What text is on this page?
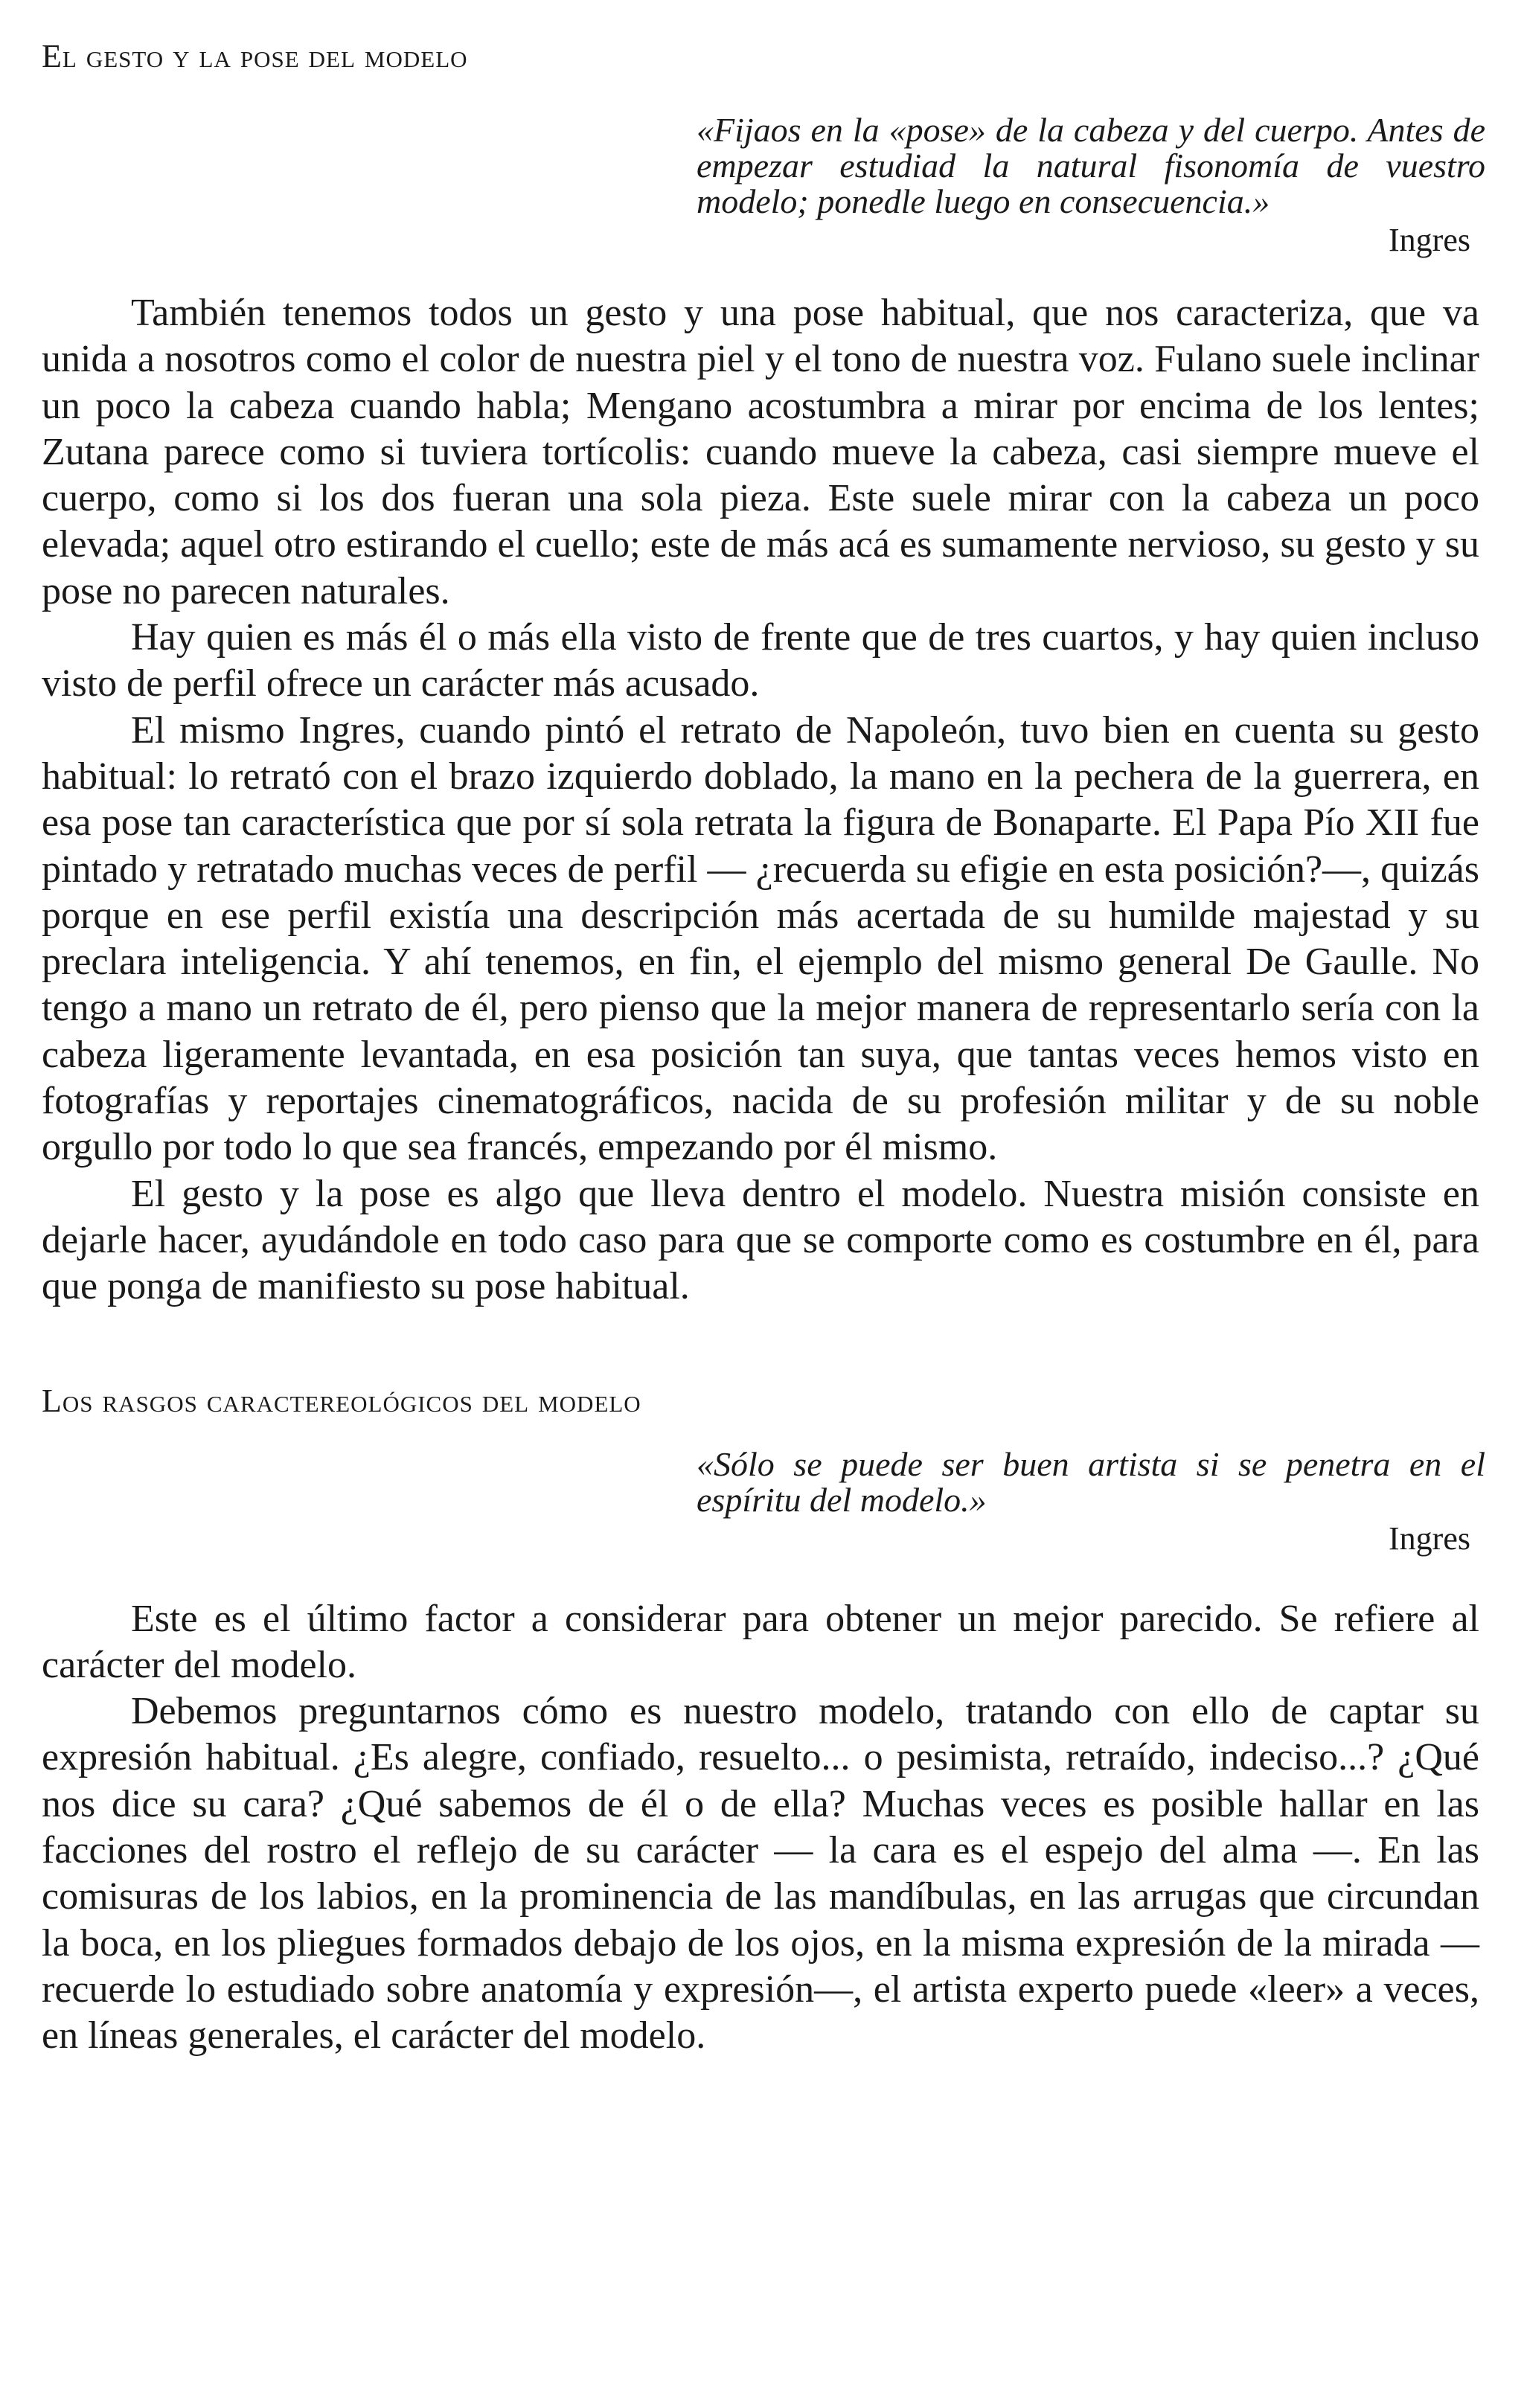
El gesto y la pose del modelo

«Fijaos en la «pose» de la cabeza y del cuerpo. Antes de empezar estudiad la natural fisonomía de vuestro modelo; ponedle luego en consecuencia.»

Ingres

También tenemos todos un gesto y una pose habitual, que nos caracteriza, que va unida a nosotros como el color de nuestra piel y el tono de nuestra voz. Fulano suele inclinar un poco la cabeza cuando habla; Mengano acostumbra a mirar por encima de los lentes; Zutana parece como si tuviera tortícolis: cuando mueve la cabeza, casi siempre mueve el cuerpo, como si los dos fueran una sola pieza. Este suele mirar con la cabeza un poco elevada; aquel otro estirando el cuello; este de más acá es sumamente nervioso, su gesto y su pose no parecen naturales.

Hay quien es más él o más ella visto de frente que de tres cuartos, y hay quien incluso visto de perfil ofrece un carácter más acusado.

El mismo Ingres, cuando pintó el retrato de Napoleón, tuvo bien en cuenta su gesto habitual: lo retrató con el brazo izquierdo doblado, la mano en la pechera de la guerrera, en esa pose tan característica que por sí sola retrata la figura de Bonaparte. El Papa Pío XII fue pintado y retratado muchas veces de perfil — ¿recuerda su efigie en esta posición?—, quizás porque en ese perfil existía una descripción más acertada de su humilde majestad y su preclara inteligencia. Y ahí tenemos, en fin, el ejemplo del mismo general De Gaulle. No tengo a mano un retrato de él, pero pienso que la mejor manera de representarlo sería con la cabeza ligeramente levantada, en esa posición tan suya, que tantas veces hemos visto en fotografías y reportajes cinematográficos, nacida de su profesión militar y de su noble orgullo por todo lo que sea francés, empezando por él mismo.

El gesto y la pose es algo que lleva dentro el modelo. Nuestra misión consiste en dejarle hacer, ayudándole en todo caso para que se comporte como es costumbre en él, para que ponga de manifiesto su pose habitual.

Los rasgos caractereológicos del modelo

«Sólo se puede ser buen artista si se penetra en el espíritu del modelo.»

Ingres

Este es el último factor a considerar para obtener un mejor parecido. Se refiere al carácter del modelo.

Debemos preguntarnos cómo es nuestro modelo, tratando con ello de captar su expresión habitual. ¿Es alegre, confiado, resuelto... o pesimista, retraído, indeciso...? ¿Qué nos dice su cara? ¿Qué sabemos de él o de ella? Muchas veces es posible hallar en las facciones del rostro el reflejo de su carácter — la cara es el espejo del alma —. En las comisuras de los labios, en la prominencia de las mandíbulas, en las arrugas que circundan la boca, en los pliegues formados debajo de los ojos, en la misma expresión de la mirada — recuerde lo estudiado sobre anatomía y expresión—, el artista experto puede «leer» a veces, en líneas generales, el carácter del modelo.
